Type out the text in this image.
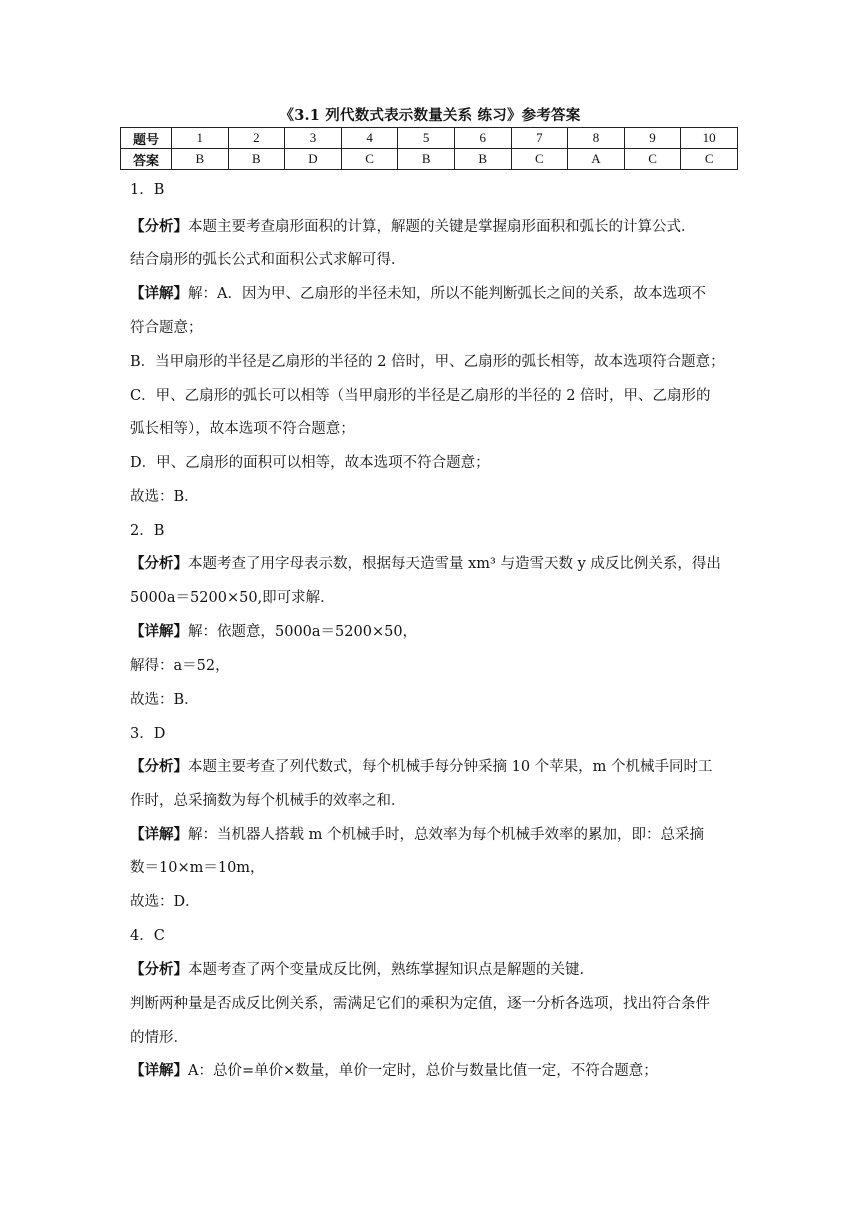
《3.1 列代数式表示数量关系 练习》参考答案
题号	1	2	3	4	5	6	7	8	9	10
答案	B	B	D	C	B	B	C	A	C	C
1．B
【分析】本题主要考查扇形面积的计算，解题的关键是掌握扇形面积和弧长的计算公式．
结合扇形的弧长公式和面积公式求解可得．
【详解】解：A．因为甲、乙扇形的半径未知，所以不能判断弧长之间的关系，故本选项不
符合题意；
B．当甲扇形的半径是乙扇形的半径的 2 倍时，甲、乙扇形的弧长相等，故本选项符合题意；
C．甲、乙扇形的弧长可以相等（当甲扇形的半径是乙扇形的半径的 2 倍时，甲、乙扇形的
弧长相等），故本选项不符合题意；
D．甲、乙扇形的面积可以相等，故本选项不符合题意；
故选：B．
2．B
【分析】本题考查了用字母表示数，根据每天造雪量 xm³ 与造雪天数 y 成反比例关系，得出
5000a＝5200×50,即可求解．
【详解】解：依题意，5000a＝5200×50，
解得：a＝52，
故选：B．
3．D
【分析】本题主要考查了列代数式，每个机械手每分钟采摘 10 个苹果，m 个机械手同时工
作时，总采摘数为每个机械手的效率之和．
【详解】解：当机器人搭载 m 个机械手时，总效率为每个机械手效率的累加，即：总采摘
数＝10×m＝10m，
故选：D．
4．C
【分析】本题考查了两个变量成反比例，熟练掌握知识点是解题的关键．
判断两种量是否成反比例关系，需满足它们的乘积为定值，逐一分析各选项，找出符合条件
的情形．
【详解】A：总价=单价×数量，单价一定时，总价与数量比值一定，不符合题意；
